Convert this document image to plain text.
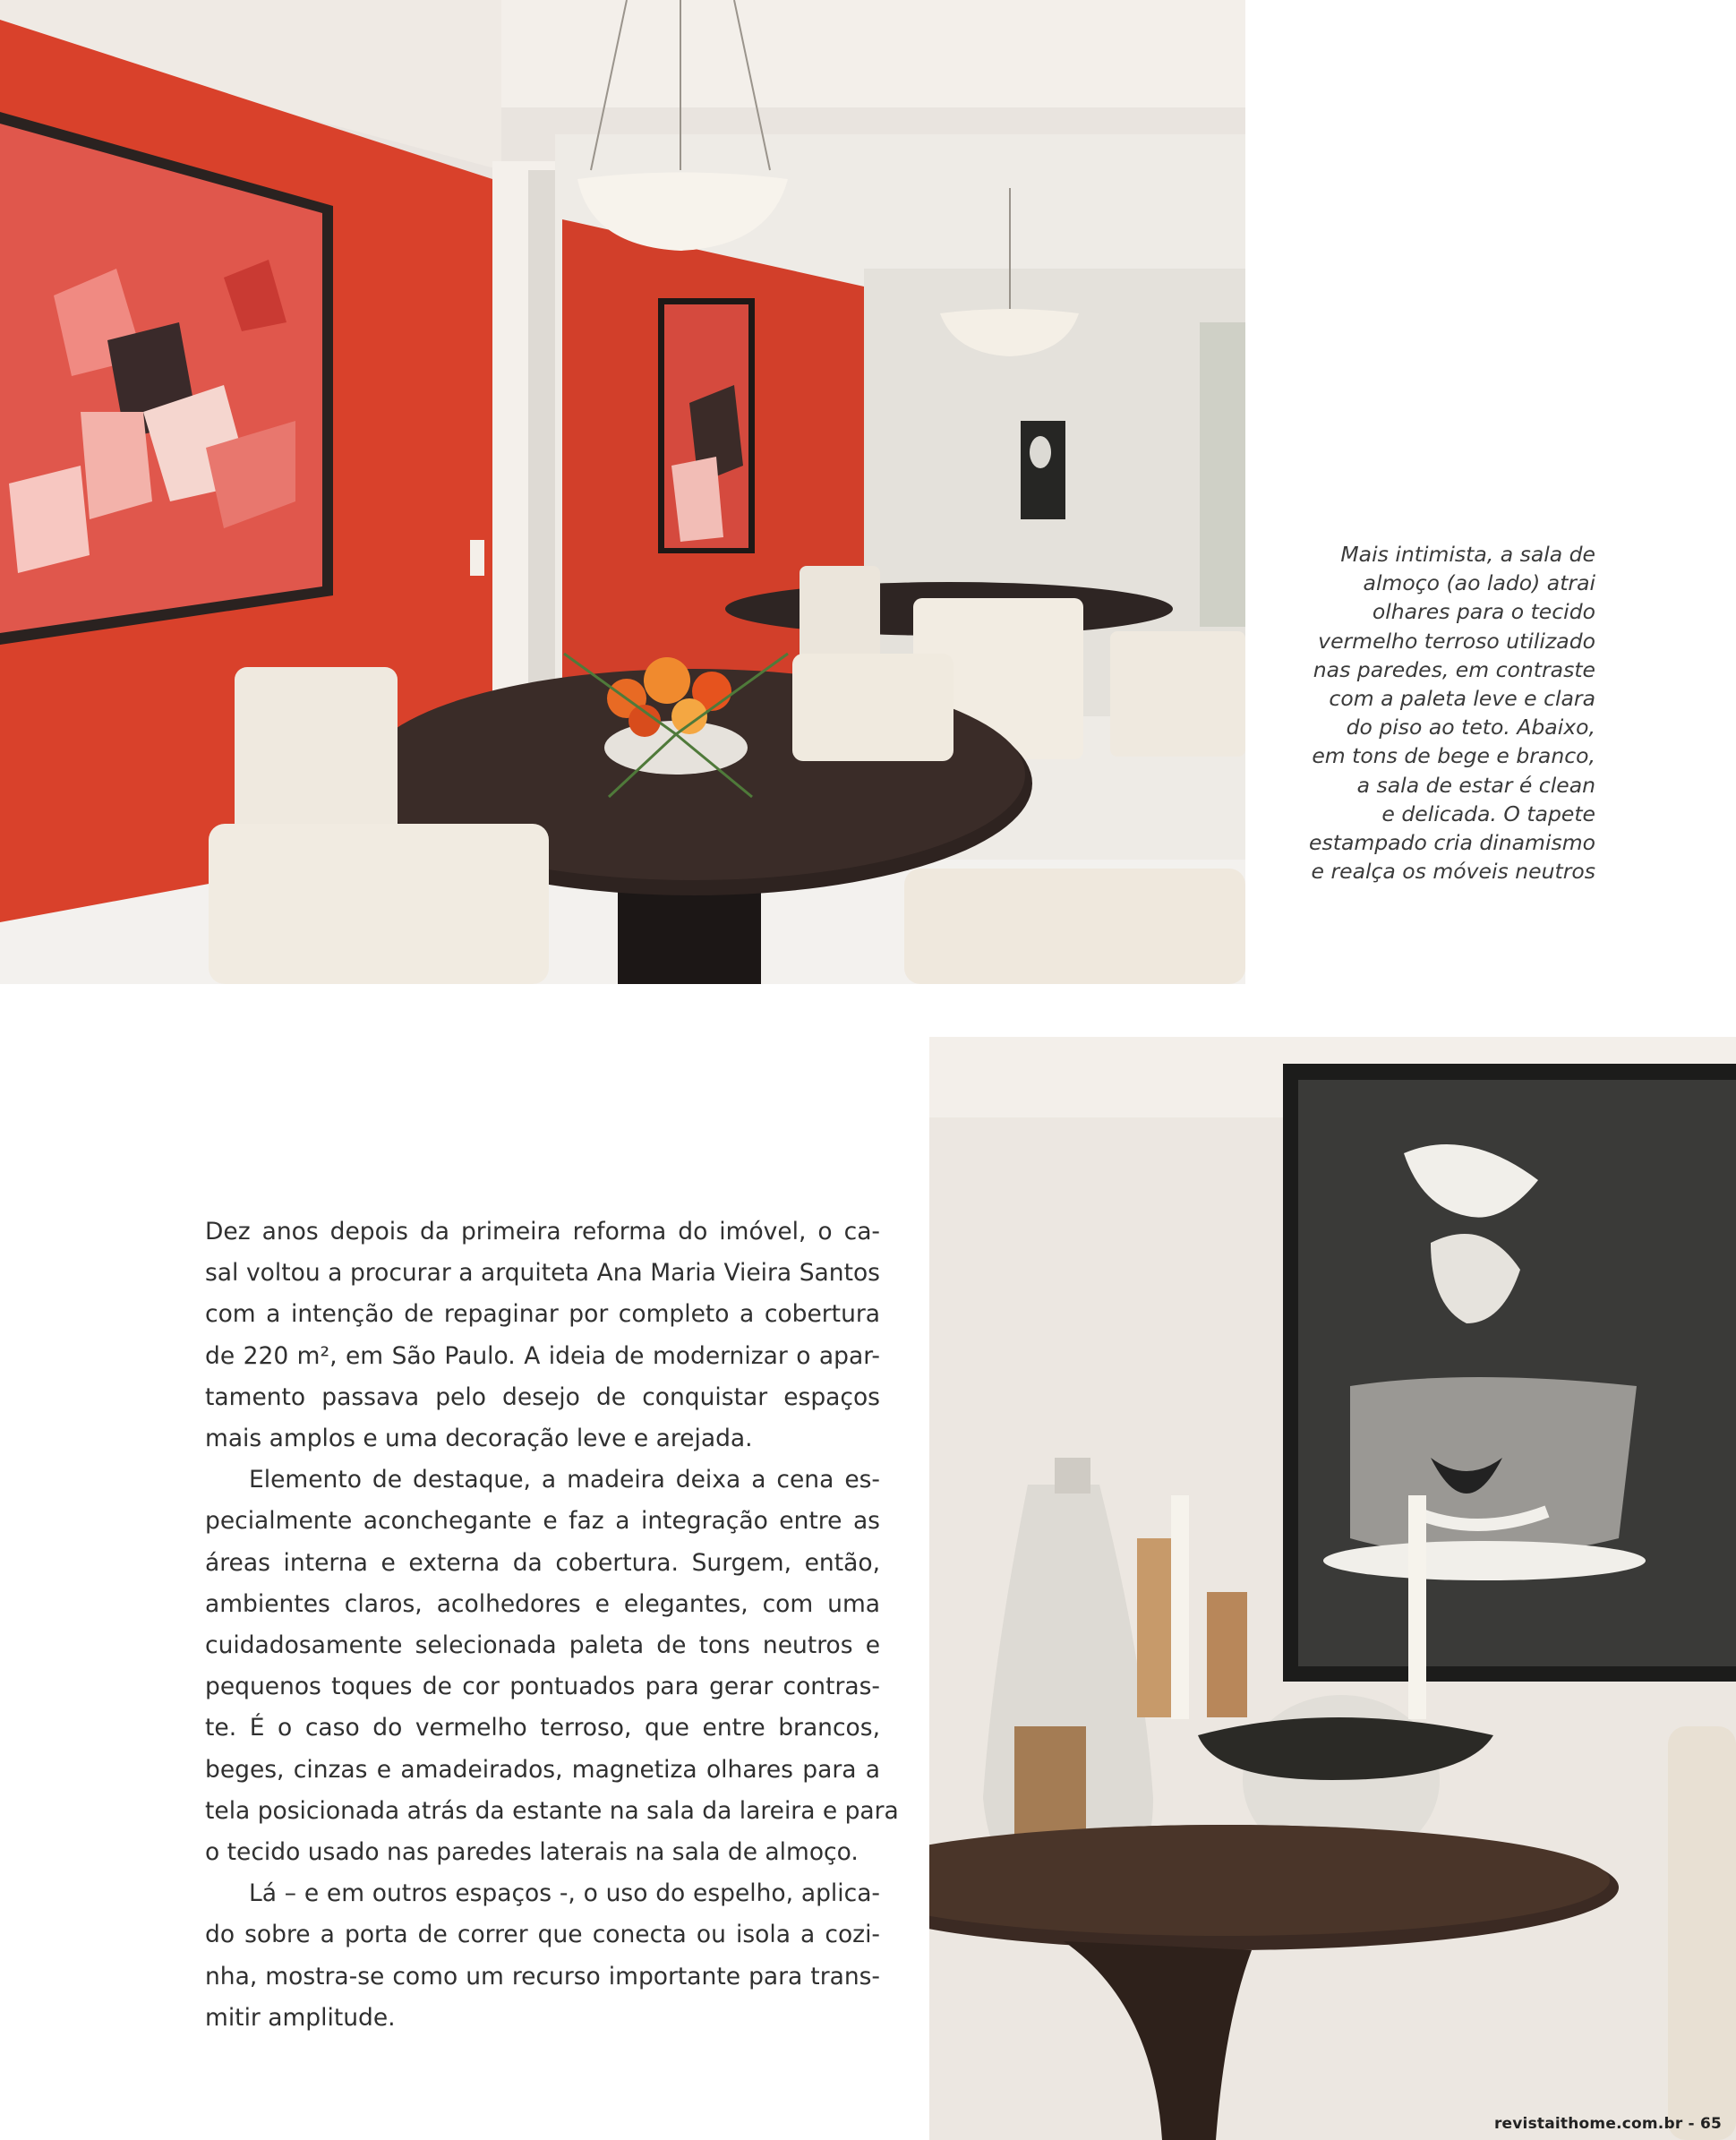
Mais intimista, a sala de
almoço (ao lado) atrai
olhares para o tecido
vermelho terroso utilizado
nas paredes, em contraste
com a paleta leve e clara
do piso ao teto. Abaixo,
em tons de bege e branco,
a sala de estar é clean
e delicada. O tapete
estampado cria dinamismo
e realça os móveis neutros
Dez anos depois da primeira reforma do imóvel, o ca-
sal voltou a procurar a arquiteta Ana Maria Vieira Santos
com a intenção de repaginar por completo a cobertura
de 220 m², em São Paulo. A ideia de modernizar o apar-
tamento passava pelo desejo de conquistar espaços
mais amplos e uma decoração leve e arejada.
Elemento de destaque, a madeira deixa a cena es-
pecialmente aconchegante e faz a integração entre as
áreas interna e externa da cobertura. Surgem, então,
ambientes claros, acolhedores e elegantes, com uma
cuidadosamente selecionada paleta de tons neutros e
pequenos toques de cor pontuados para gerar contras-
te. É o caso do vermelho terroso, que entre brancos,
beges, cinzas e amadeirados, magnetiza olhares para a
tela posicionada atrás da estante na sala da lareira e para
o tecido usado nas paredes laterais na sala de almoço.
Lá – e em outros espaços -, o uso do espelho, aplica-
do sobre a porta de correr que conecta ou isola a cozi-
nha, mostra-se como um recurso importante para trans-
mitir amplitude.
revistaithome.com.br - 65
